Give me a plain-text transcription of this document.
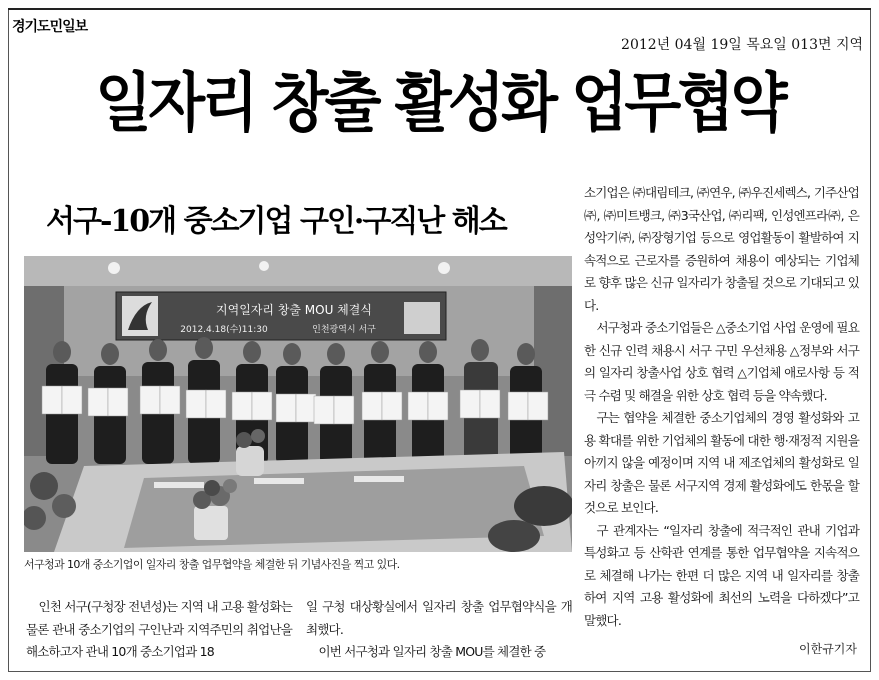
경기도민일보
2012년 04월 19일 목요일 013면 지역
일자리 창출 활성화 업무협약
서구-10개 중소기업 구인·구직난 해소
지역일자리 창출 MOU 체결식
2012.4.18(수)11:30	인천광역시 서구
서구청과 10개 중소기업이 일자리 창출 업무협약을 체결한 뒤 기념사진을 찍고 있다.

소기업은 ㈜대림테크, ㈜연우, ㈜우진세렉스, 기주산업㈜, ㈜미트뱅크, ㈜3국산업, ㈜리팩, 인성엔프라㈜, 은성악기㈜, ㈜장형기업 등으로 영업활동이 활발하여 지속적으로 근로자를 증원하여 채용이 예상되는 기업체로 향후 많은 신규 일자리가 창출될 것으로 기대되고 있다.

서구청과 중소기업들은 △중소기업 사업 운영에 필요한 신규 인력 채용시 서구 구민 우선채용 △정부와 서구의 일자리 창출사업 상호 협력 △기업체 애로사항 등 적극 수렴 및 해결을 위한 상호 협력 등을 약속했다.

구는 협약을 체결한 중소기업체의 경영 활성화와 고용 확대를 위한 기업체의 활동에 대한 행·재정적 지원을 아끼지 않을 예정이며 지역 내 제조업체의 활성화로 일자리 창출은 물론 서구지역 경제 활성화에도 한몫을 할 것으로 보인다.

구 관계자는 “일자리 창출에 적극적인 관내 기업과 특성화고 등 산학관 연계를 통한 업무협약을 지속적으로 체결해 나가는 한편 더 많은 지역 내 일자리를 창출하여 지역 고용 활성화에 최선의 노력을 다하겠다”고 말했다.

인천 서구(구청장 전년성)는 지역 내 고용 활성화는 물론 관내 중소기업의 구인난과 지역주민의 취업난을 해소하고자 관내 10개 중소기업과 18

일 구청 대상황실에서 일자리 창출 업무협약식을 개최했다.

이번 서구청과 일자리 창출 MOU를 체결한 중	이한규기자
